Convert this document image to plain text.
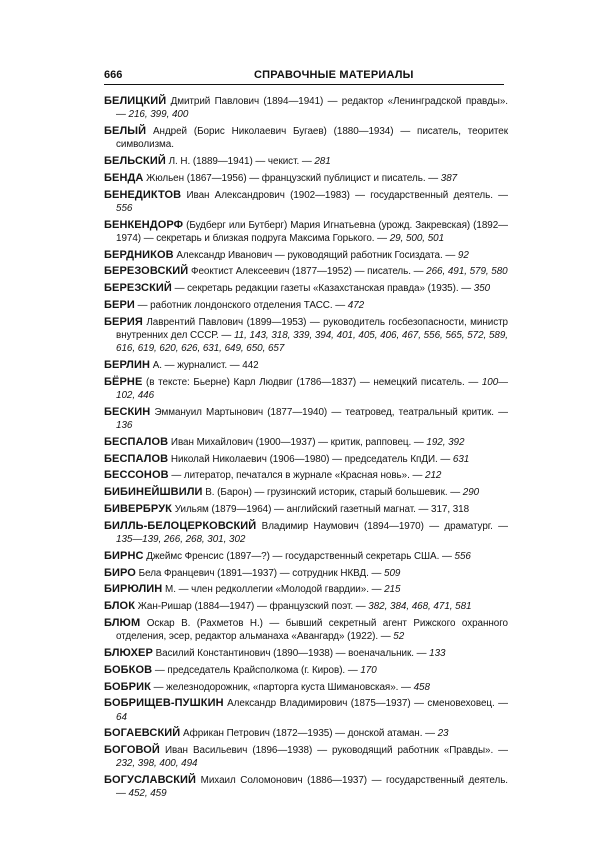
666	СПРАВОЧНЫЕ МАТЕРИАЛЫ

БЕЛИЦКИЙ Дмитрий Павлович (1894—1941) — редактор «Ленинградской правды». — 216, 399, 400

БЕЛЫЙ Андрей (Борис Николаевич Бугаев) (1880—1934) — писатель, теоритек символизма.

БЕЛЬСКИЙ Л. Н. (1889—1941) — чекист. — 281

БЕНДА Жюльен (1867—1956) — французский публицист и писатель. — 387

БЕНЕДИКТОВ Иван Александрович (1902—1983) — государственный деятель. — 556

БЕНКЕНДОРФ (Будберг или Бутберг) Мария Игнатьевна (урожд. Закревская) (1892—1974) — секретарь и близкая подруга Максима Горького. — 29, 500, 501

БЕРДНИКОВ Александр Иванович — руководящий работник Госиздата. — 92

БЕРЕЗОВСКИЙ Феоктист Алексеевич (1877—1952) — писатель. — 266, 491, 579, 580

БЕРЕЗСКИЙ — секретарь редакции газеты «Казахстанская правда» (1935). — 350

БЕРИ — работник лондонского отделения ТАСС. — 472

БЕРИЯ Лаврентий Павлович (1899—1953) — руководитель госбезопасности, министр внутренних дел СССР. — 11, 143, 318, 339, 394, 401, 405, 406, 467, 556, 565, 572, 589, 616, 619, 620, 626, 631, 649, 650, 657

БЕРЛИН А. — журналист. — 442

БЁРНЕ (в тексте: Бьерне) Карл Людвиг (1786—1837) — немецкий писатель. — 100—102, 446

БЕСКИН Эммануил Мартынович (1877—1940) — театровед, театральный критик. — 136

БЕСПАЛОВ Иван Михайлович (1900—1937) — критик, рапповец. — 192, 392

БЕСПАЛОВ Николай Николаевич (1906—1980) — председатель КпДИ. — 631

БЕССОНОВ — литератор, печатался в журнале «Красная новь». — 212

БИБИНЕЙШВИЛИ В. (Барон) — грузинский историк, старый большевик. — 290

БИВЕРБРУК Уильям (1879—1964) — английский газетный магнат. — 317, 318

БИЛЛЬ-БЕЛОЦЕРКОВСКИЙ Владимир Наумович (1894—1970) — драматург. — 135—139, 266, 268, 301, 302

БИРНС Джеймс Френсис (1897—?) — государственный секретарь США. — 556

БИРО Бела Францевич (1891—1937) — сотрудник НКВД. — 509

БИРЮЛИН М. — член редколлегии «Молодой гвардии». — 215

БЛОК Жан-Ришар (1884—1947) — французский поэт. — 382, 384, 468, 471, 581

БЛЮМ Оскар В. (Рахметов Н.) — бывший секретный агент Рижского охранного отделения, эсер, редактор альманаха «Авангард» (1922). — 52

БЛЮХЕР Василий Константинович (1890—1938) — военачальник. — 133

БОБКОВ — председатель Крайсполкома (г. Киров). — 170

БОБРИК — железнодорожник, «парторга куста Шимановская». — 458

БОБРИЩЕВ-ПУШКИН Александр Владимирович (1875—1937) — сменовеховец. — 64

БОГАЕВСКИЙ Африкан Петрович (1872—1935) — донской атаман. — 23

БОГОВОЙ Иван Васильевич (1896—1938) — руководящий работник «Правды». — 232, 398, 400, 494

БОГУСЛАВСКИЙ Михаил Соломонович (1886—1937) — государственный деятель. — 452, 459
